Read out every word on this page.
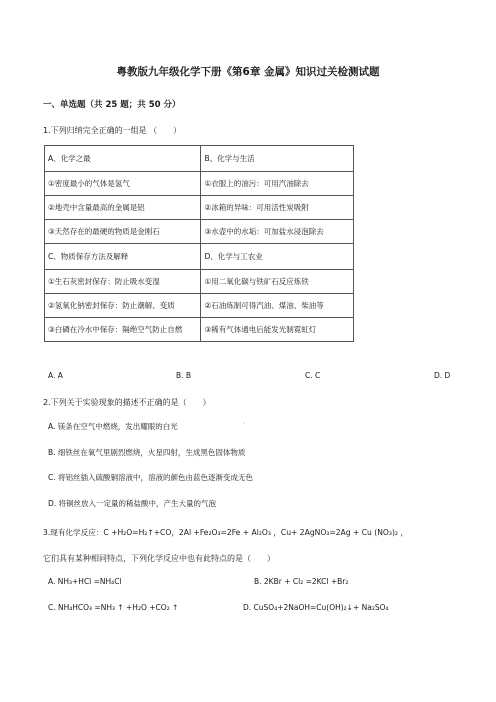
粤教版九年级化学下册《第6章 金属》知识过关检测试题
一、单选题（共 25 题；共 50 分）
1.下列归纳完全正确的一组是 （　　）
A、化学之最	B、化学与生活
①密度最小的气体是氢气	①衣服上的油污：可用汽油除去
②地壳中含量最高的金属是铝	②冰箱的异味：可用活性炭吸附
③天然存在的最硬的物质是金刚石	③水壶中的水垢：可加盐水浸泡除去
C、物质保存方法及解释	D、化学与工农业
①生石灰密封保存：防止吸水变湿	①用二氧化碳与铁矿石反应炼铁
②氢氧化钠密封保存：防止潮解、变质	②石油炼制可得汽油、煤油、柴油等
③白磷在冷水中保存：隔绝空气防止自燃	③稀有气体通电后能发光制霓虹灯
A. A	B. B	C. C	D. D
2.下列关于实验现象的描述不正确的是（　　）
A. 镁条在空气中燃烧，发出耀眼的白光	·
B. 细铁丝在氧气里剧烈燃烧，火星四射，生成黑色固体物质
C. 将铝丝插入硫酸铜溶液中，溶液的颜色由蓝色逐渐变成无色
D. 将铜丝放入一定量的稀盐酸中，产生大量的气泡
3.现有化学反应：C +H₂O=H₂↑+CO，2Al +Fe₂O₃=2Fe + Al₂O₃ ，Cu+ 2AgNO₃=2Ag + Cu (NO₃)₂ ，
它们具有某种相同特点，下列化学反应中也有此特点的是（　　）
A. NH₃+HCl =NH₄Cl	B. 2KBr + Cl₂ =2KCl +Br₂
C. NH₄HCO₃ =NH₃ ↑ +H₂O +CO₂ ↑	D. CuSO₄+2NaOH=Cu(OH)₂↓+ Na₂SO₄
